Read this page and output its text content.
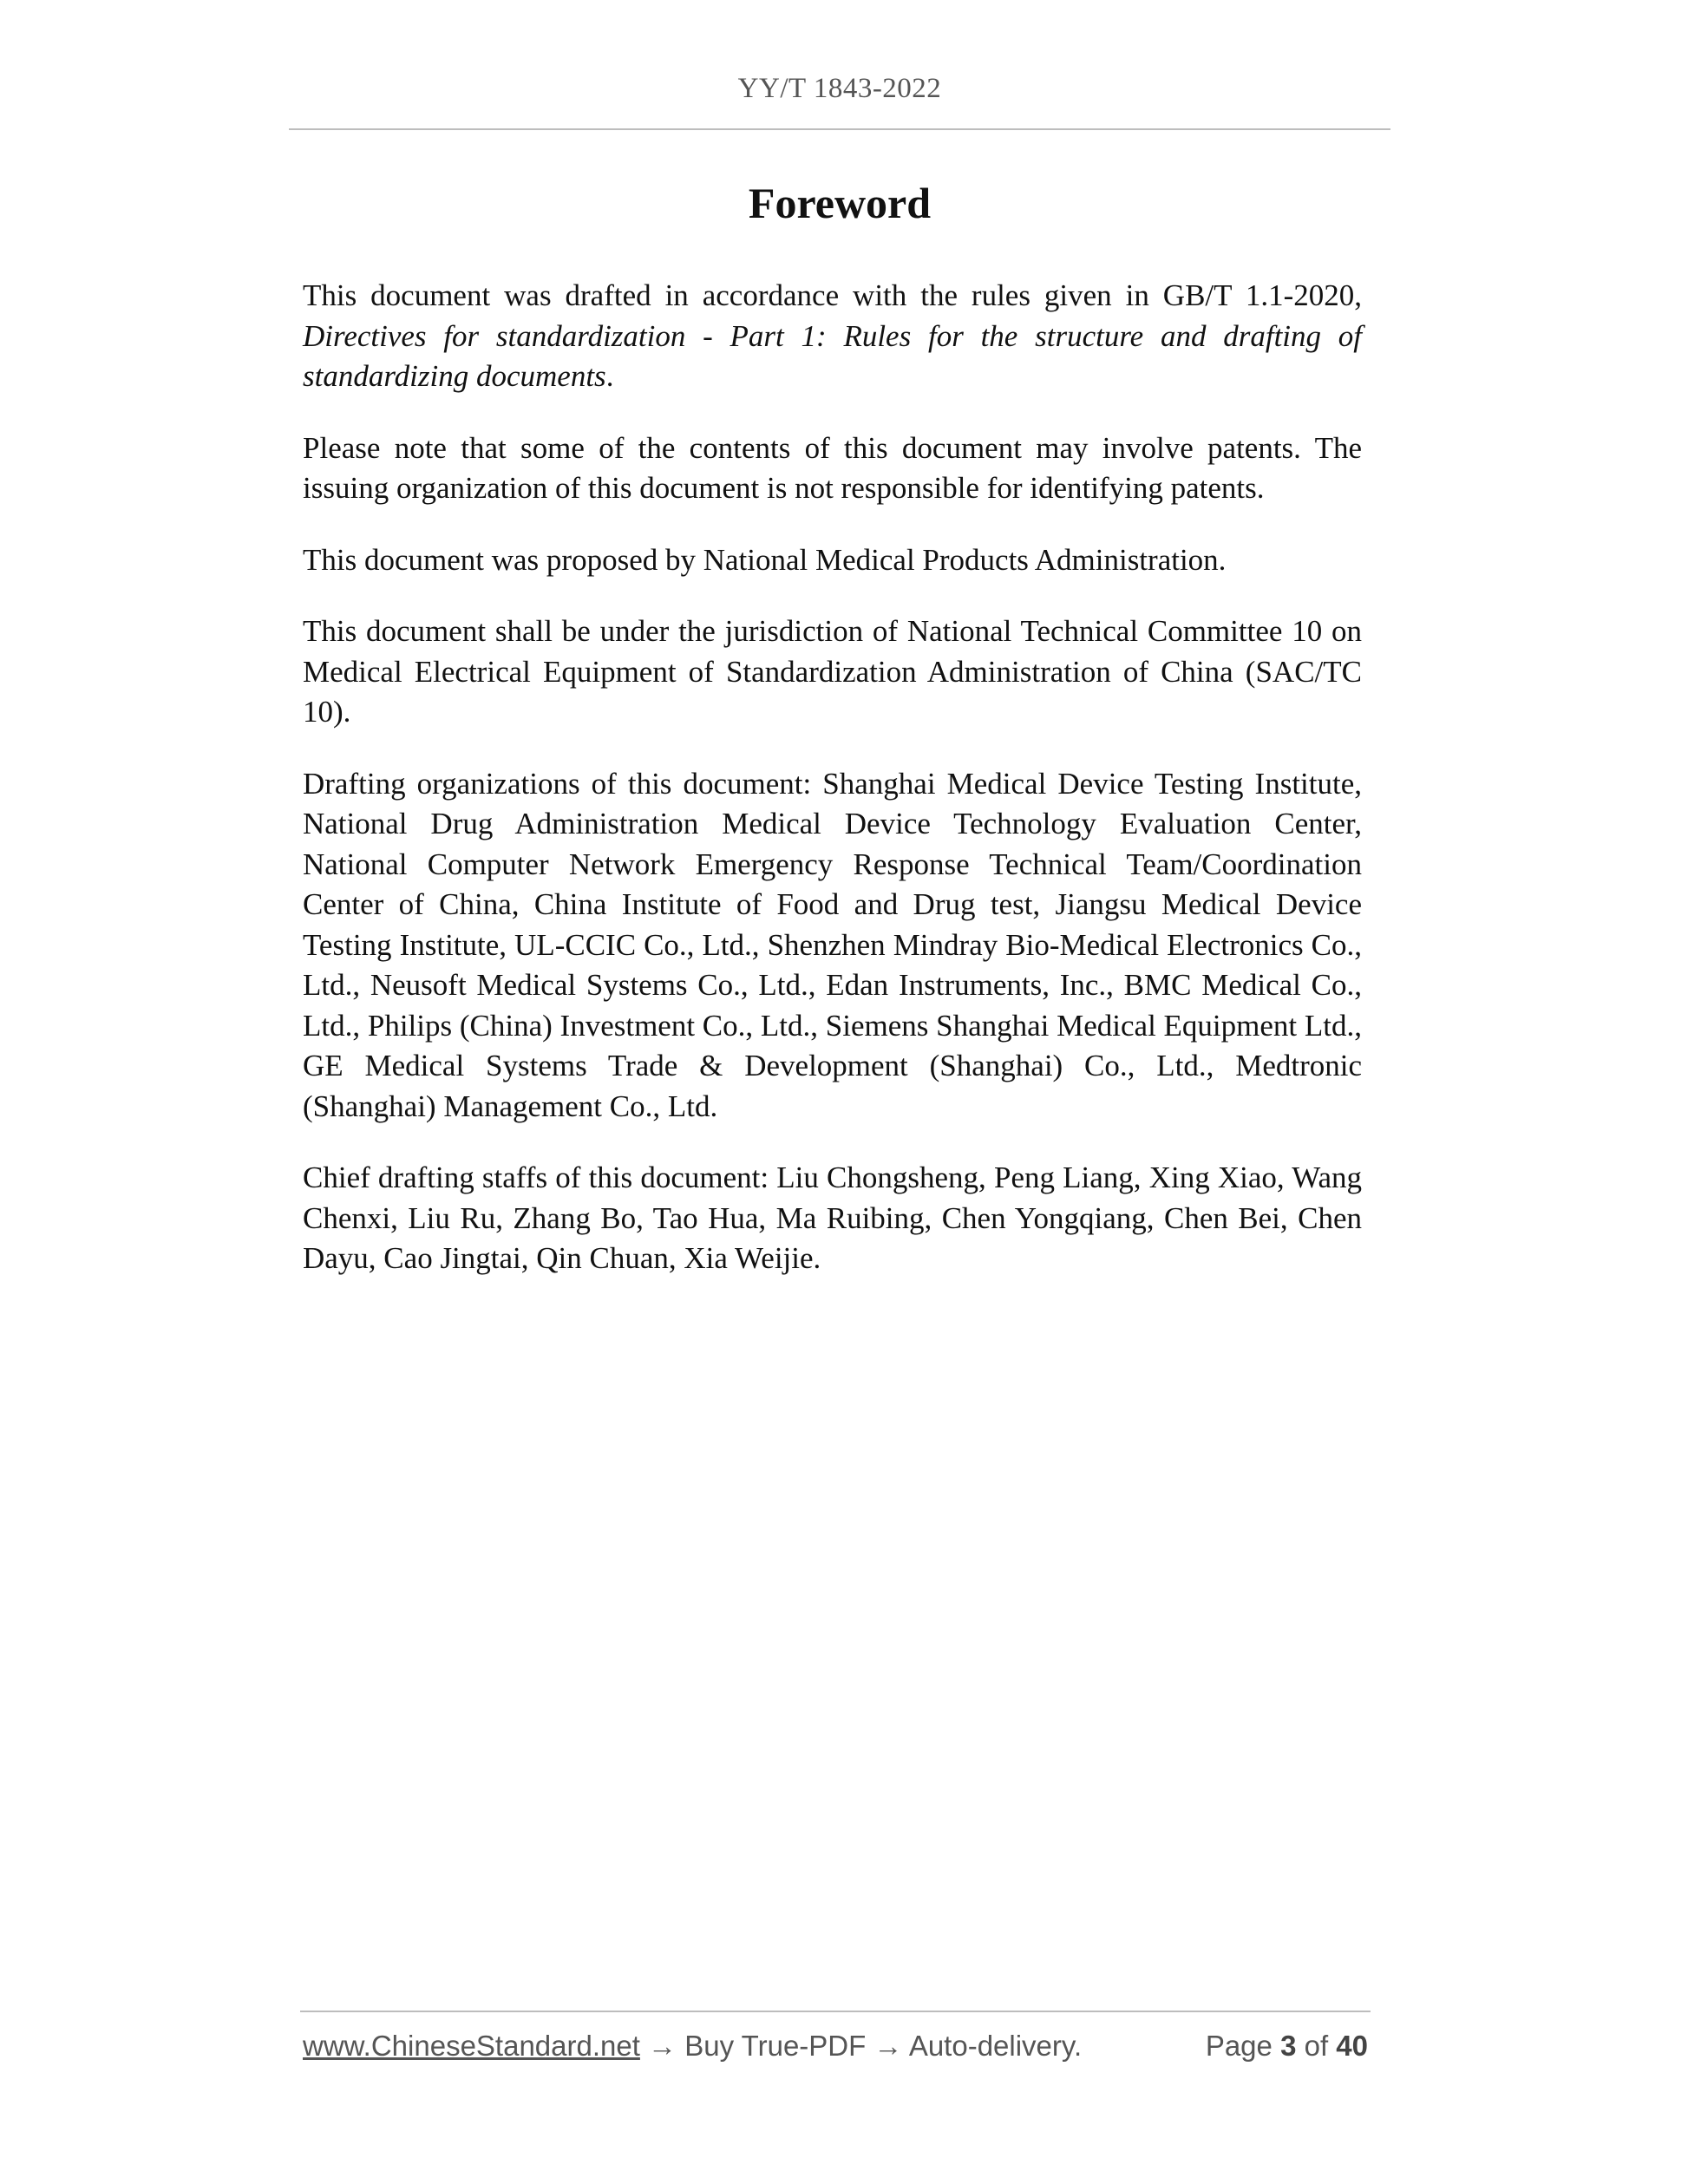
YY/T 1843-2022
Foreword

This document was drafted in accordance with the rules given in GB/T 1.1-2020, Directives for standardization - Part 1: Rules for the structure and drafting of standardizing documents.

Please note that some of the contents of this document may involve patents. The issuing organization of this document is not responsible for identifying patents.

This document was proposed by National Medical Products Administration.

This document shall be under the jurisdiction of National Technical Committee 10 on Medical Electrical Equipment of Standardization Administration of China (SAC/TC 10).

Drafting organizations of this document: Shanghai Medical Device Testing Institute, National Drug Administration Medical Device Technology Evaluation Center, National Computer Network Emergency Response Technical Team/Coordination Center of China, China Institute of Food and Drug test, Jiangsu Medical Device Testing Institute, UL-CCIC Co., Ltd., Shenzhen Mindray Bio-Medical Electronics Co., Ltd., Neusoft Medical Systems Co., Ltd., Edan Instruments, Inc., BMC Medical Co., Ltd., Philips (China) Investment Co., Ltd., Siemens Shanghai Medical Equipment Ltd., GE Medical Systems Trade & Development (Shanghai) Co., Ltd., Medtronic (Shanghai) Management Co., Ltd.

Chief drafting staffs of this document: Liu Chongsheng, Peng Liang, Xing Xiao, Wang Chenxi, Liu Ru, Zhang Bo, Tao Hua, Ma Ruibing, Chen Yongqiang, Chen Bei, Chen Dayu, Cao Jingtai, Qin Chuan, Xia Weijie.

www.ChineseStandard.net → Buy True-PDF → Auto-delivery.	Page 3 of 40
